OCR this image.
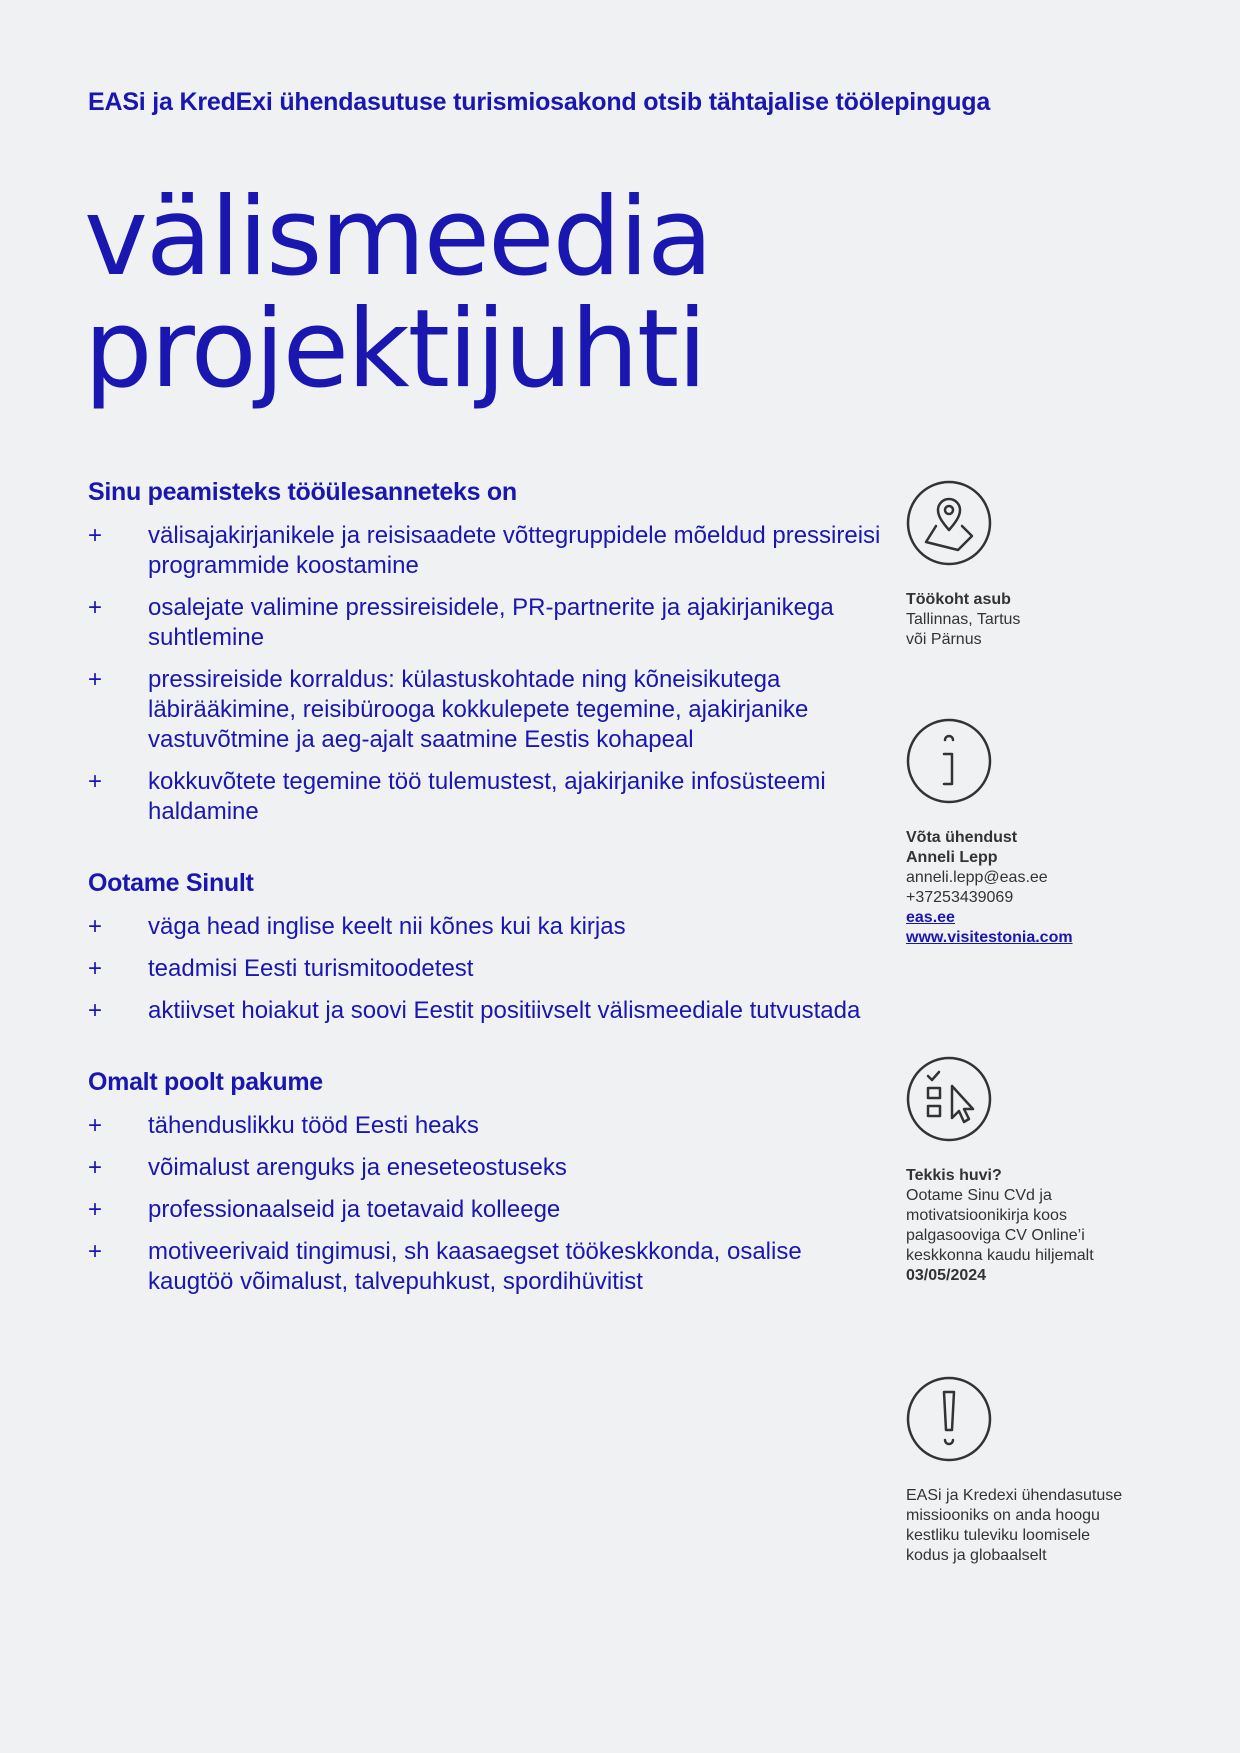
EASi ja KredExi ühendasutuse turismiosakond otsib tähtajalise töölepinguga
välismeedia
projektijuhti
Sinu peamisteks tööülesanneteks on
+	välisajakirjanikele ja reisisaadete võttegruppidele mõeldud pressireisi programmide koostamine
+	osalejate valimine pressireisidele, PR-partnerite ja ajakirjanikega suhtlemine
+	pressireiside korraldus: külastuskohtade ning kõneisikutega läbirääkimine, reisibürooga kokkulepete tegemine, ajakirjanike vastuvõtmine ja aeg-ajalt saatmine Eestis kohapeal
+	kokkuvõtete tegemine töö tulemustest, ajakirjanike infosüsteemi haldamine
Ootame Sinult
+	väga head inglise keelt nii kõnes kui ka kirjas
+	teadmisi Eesti turismitoodetest
+	aktiivset hoiakut ja soovi Eestit positiivselt välismeediale tutvustada
Omalt poolt pakume
+	tähenduslikku tööd Eesti heaks
+	võimalust arenguks ja eneseteostuseks
+	professionaalseid ja toetavaid kolleege
+	motiveerivaid tingimusi, sh kaasaegset töökeskkonda, osalise kaugtöö võimalust, talvepuhkust, spordihüvitist
Töökoht asub
Tallinnas, Tartus
või Pärnus
Võta ühendust
Anneli Lepp
anneli.lepp@eas.ee
+37253439069
eas.ee
www.visitestonia.com
Tekkis huvi?
Ootame Sinu CVd ja
motivatsioonikirja koos
palgasooviga CV Online’i
keskkonna kaudu hiljemalt
03/05/2024
EASi ja Kredexi ühendasutuse
missiooniks on anda hoogu
kestliku tuleviku loomisele
kodus ja globaalselt
